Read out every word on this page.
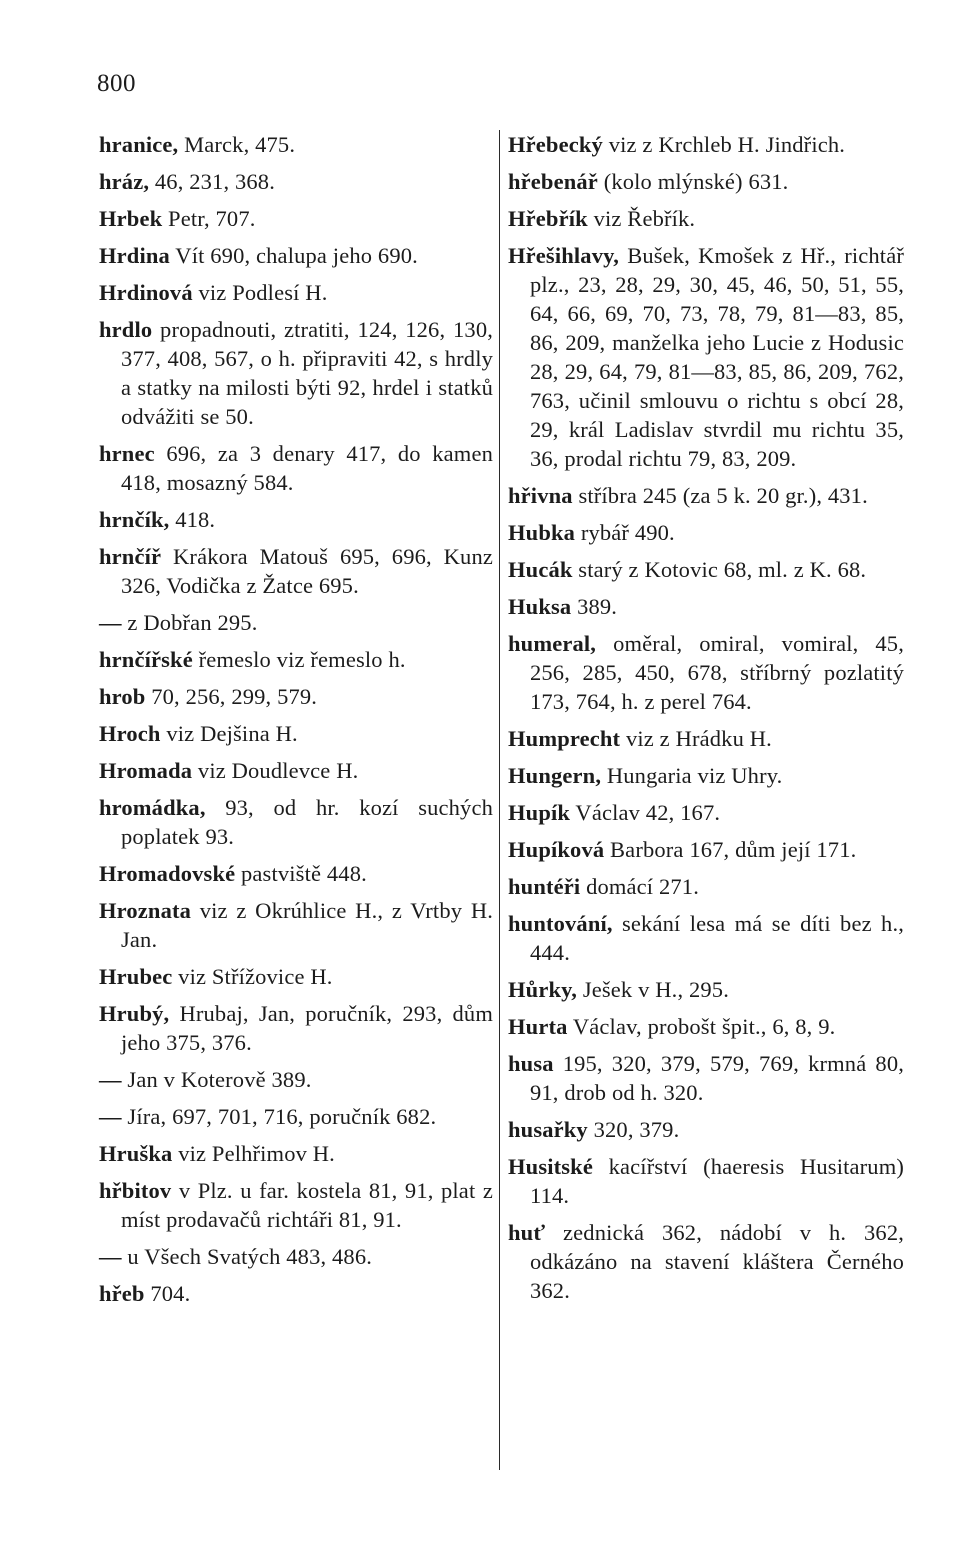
800
hranice, Marck, 475.
hráz, 46, 231, 368.
Hrbek Petr, 707.
Hrdina Vít 690, chalupa jeho 690.
Hrdinová viz Podlesí H.
hrdlo propadnouti, ztratiti, 124, 126, 130, 377, 408, 567, o h. připraviti 42, s hrdly a statky na milosti býti 92, hrdel i statků odvážiti se 50.
hrnec 696, za 3 denary 417, do kamen 418, mosazný 584.
hrnčík, 418.
hrnčíř Krákora Matouš 695, 696, Kunz 326, Vodička z Žatce 695.
— z Dobřan 295.
hrnčířské řemeslo viz řemeslo h.
hrob 70, 256, 299, 579.
Hroch viz Dejšina H.
Hromada viz Doudlevce H.
hromádka, 93, od hr. kozí suchých poplatek 93.
Hromadovské pastviště 448.
Hroznata viz z Okrúhlice H., z Vrtby H. Jan.
Hrubec viz Střížovice H.
Hrubý, Hrubaj, Jan, poručník, 293, dům jeho 375, 376.
— Jan v Koterově 389.
— Jíra, 697, 701, 716, poručník 682.
Hruška viz Pelhřimov H.
hřbitov v Plz. u far. kostela 81, 91, plat z míst prodavačů richtáři 81, 91.
— u Všech Svatých 483, 486.
hřeb 704.
Hřebecký viz z Krchleb H. Jindřich.
hřebenář (kolo mlýnské) 631.
Hřebřík viz Řebřík.
Hřešihlavy, Bušek, Kmošek z Hř., richtář plz., 23, 28, 29, 30, 45, 46, 50, 51, 55, 64, 66, 69, 70, 73, 78, 79, 81—83, 85, 86, 209, manželka jeho Lucie z Hodusic 28, 29, 64, 79, 81—83, 85, 86, 209, 762, 763, učinil smlouvu o richtu s obcí 28, 29, král Ladislav stvrdil mu richtu 35, 36, prodal richtu 79, 83, 209.
hřivna stříbra 245 (za 5 k. 20 gr.), 431.
Hubka rybář 490.
Hucák starý z Kotovic 68, ml. z K. 68.
Huksa 389.
humeral, oměral, omiral, vomiral, 45, 256, 285, 450, 678, stříbrný pozlatitý 173, 764, h. z perel 764.
Humprecht viz z Hrádku H.
Hungern, Hungaria viz Uhry.
Hupík Václav 42, 167.
Hupíková Barbora 167, dům její 171.
huntéři domácí 271.
huntování, sekání lesa má se díti bez h., 444.
Hůrky, Ješek v H., 295.
Hurta Václav, probošt špit., 6, 8, 9.
husa 195, 320, 379, 579, 769, krmná 80, 91, drob od h. 320.
husařky 320, 379.
Husitské kacířství (haeresis Husitarum) 114.
huť zednická 362, nádobí v h. 362, odkázáno na stavení kláštera Černého 362.
